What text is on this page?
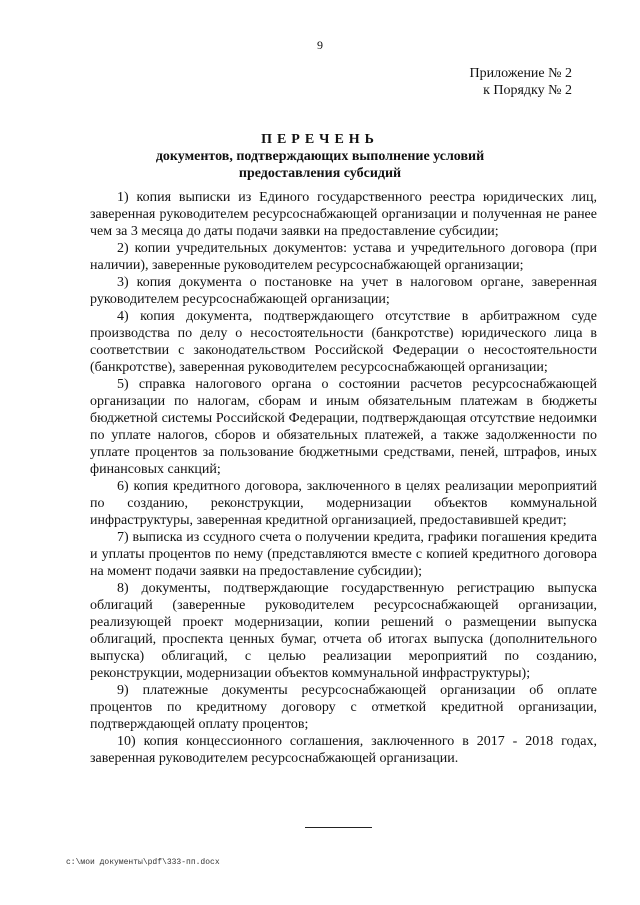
9
Приложение № 2
к Порядку № 2
ПЕРЕЧЕНЬ
документов, подтверждающих выполнение условий
предоставления субсидий

1) копия выписки из Единого государственного реестра юридических лиц, заверенная руководителем ресурсоснабжающей организации и полученная не ранее чем за 3 месяца до даты подачи заявки на предоставление субсидии;

2) копии учредительных документов: устава и учредительного договора (при наличии), заверенные руководителем ресурсоснабжающей организации;

3) копия документа о постановке на учет в налоговом органе, заверенная руководителем ресурсоснабжающей организации;

4) копия документа, подтверждающего отсутствие в арбитражном суде производства по делу о несостоятельности (банкротстве) юридического лица в соответствии с законодательством Российской Федерации о несостоятельности (банкротстве), заверенная руководителем ресурсоснабжающей организации;

5) справка налогового органа о состоянии расчетов ресурсоснабжающей организации по налогам, сборам и иным обязательным платежам в бюджеты бюджетной системы Российской Федерации, подтверждающая отсутствие недоимки по уплате налогов, сборов и обязательных платежей, а также задолженности по уплате процентов за пользование бюджетными средствами, пеней, штрафов, иных финансовых санкций;

6) копия кредитного договора, заключенного в целях реализации мероприятий по созданию, реконструкции, модернизации объектов коммунальной инфраструктуры, заверенная кредитной организацией, предоставившей кредит;

7) выписка из ссудного счета о получении кредита, графики погашения кредита и уплаты процентов по нему (представляются вместе с копией кредитного договора на момент подачи заявки на предоставление субсидии);

8) документы, подтверждающие государственную регистрацию выпуска облигаций (заверенные руководителем ресурсоснабжающей организации, реализующей проект модернизации, копии решений о размещении выпуска облигаций, проспекта ценных бумаг, отчета об итогах выпуска (дополнительного выпуска) облигаций, с целью реализации мероприятий по созданию, реконструкции, модернизации объектов коммунальной инфраструктуры);

9) платежные документы ресурсоснабжающей организации об оплате процентов по кредитному договору с отметкой кредитной организации, подтверждающей оплату процентов;

10) копия концессионного соглашения, заключенного в 2017 - 2018 годах, заверенная руководителем ресурсоснабжающей организации.

c:\мои документы\pdf\333-пп.docx
